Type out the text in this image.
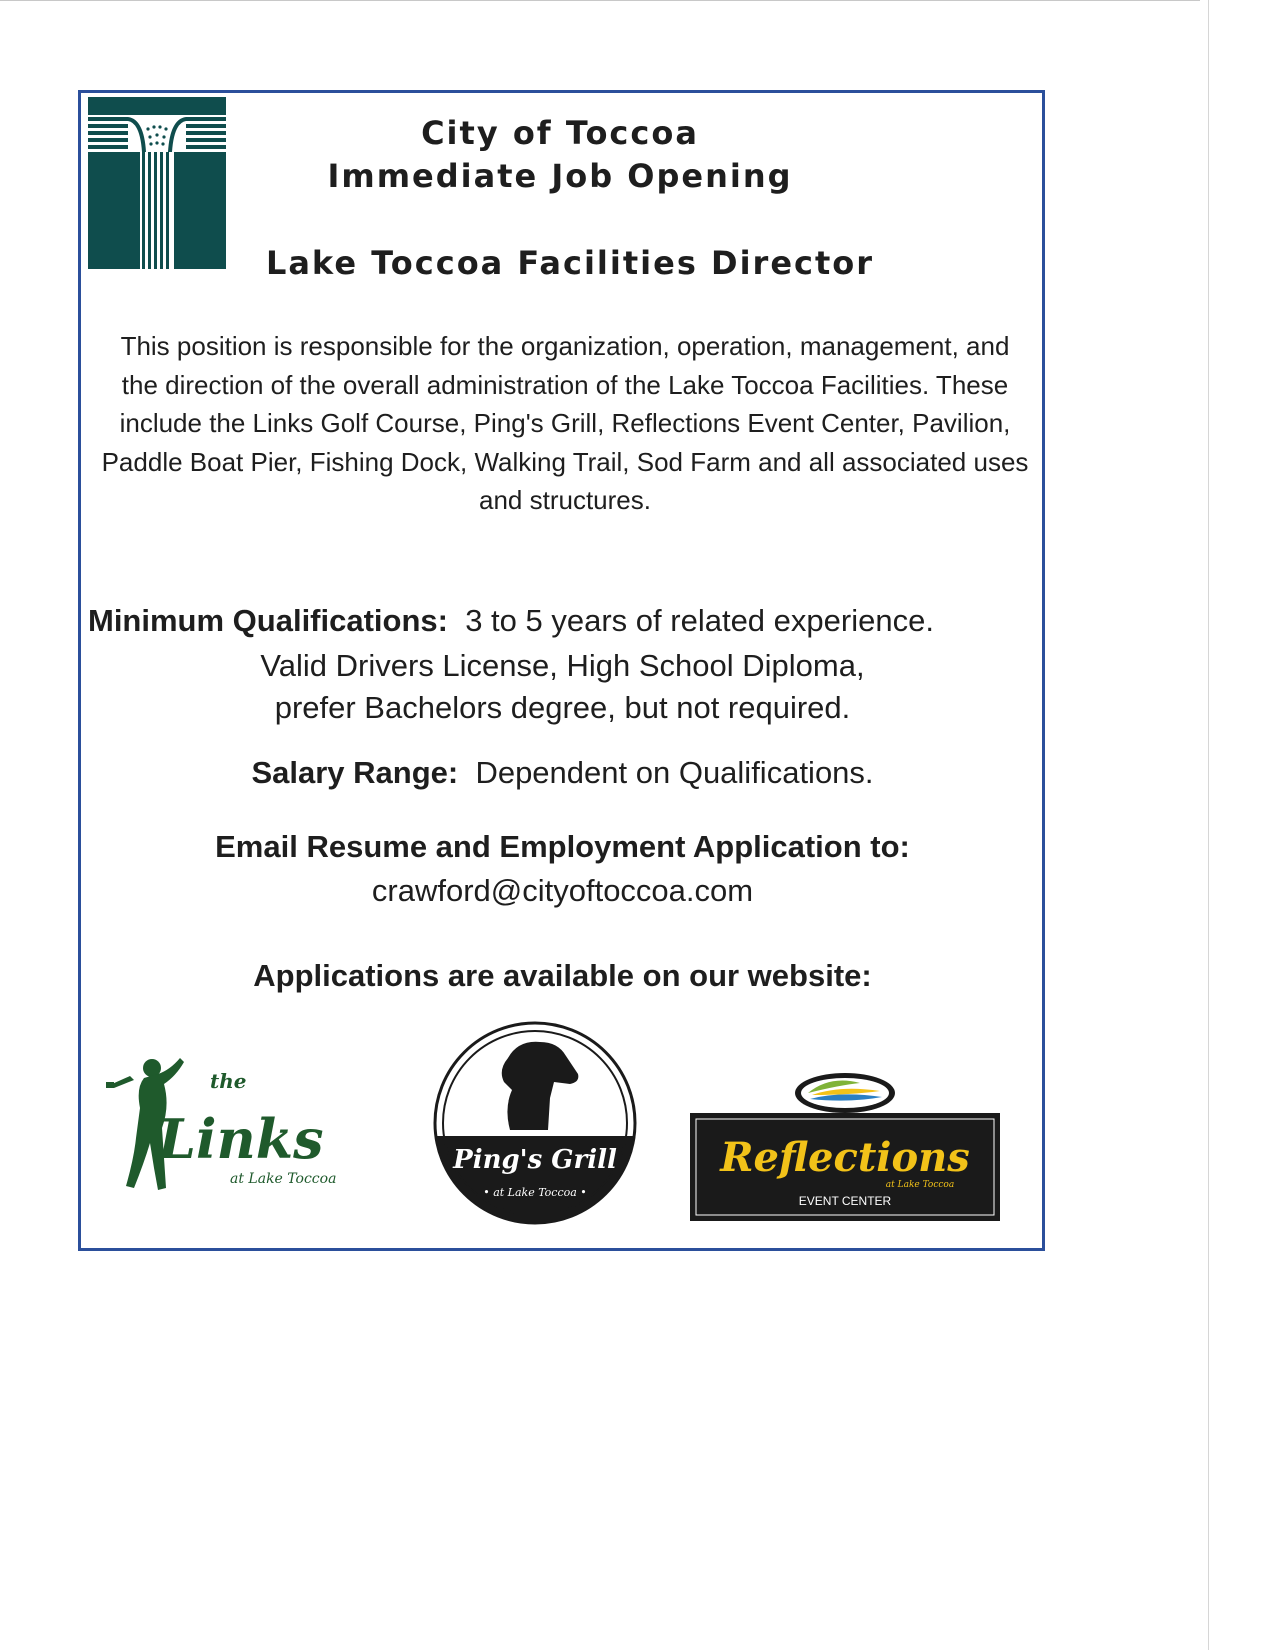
City of Toccoa
Immediate Job Opening
Lake Toccoa Facilities Director
This position is responsible for the organization, operation, management, and the direction of the overall administration of the Lake Toccoa Facilities. These include the Links Golf Course, Ping's Grill, Reflections Event Center, Pavilion, Paddle Boat Pier, Fishing Dock, Walking Trail, Sod Farm and all associated uses and structures.
Minimum Qualifications: 3 to 5 years of related experience.
Valid Drivers License, High School Diploma,
prefer Bachelors degree, but not required.
Salary Range: Dependent on Qualifications.
Email Resume and Employment Application to:
crawford@cityoftoccoa.com
Applications are available on our website:
the
Links
at Lake Toccoa
Ping's Grill
• at Lake Toccoa •
Reflections
at Lake Toccoa
EVENT CENTER
